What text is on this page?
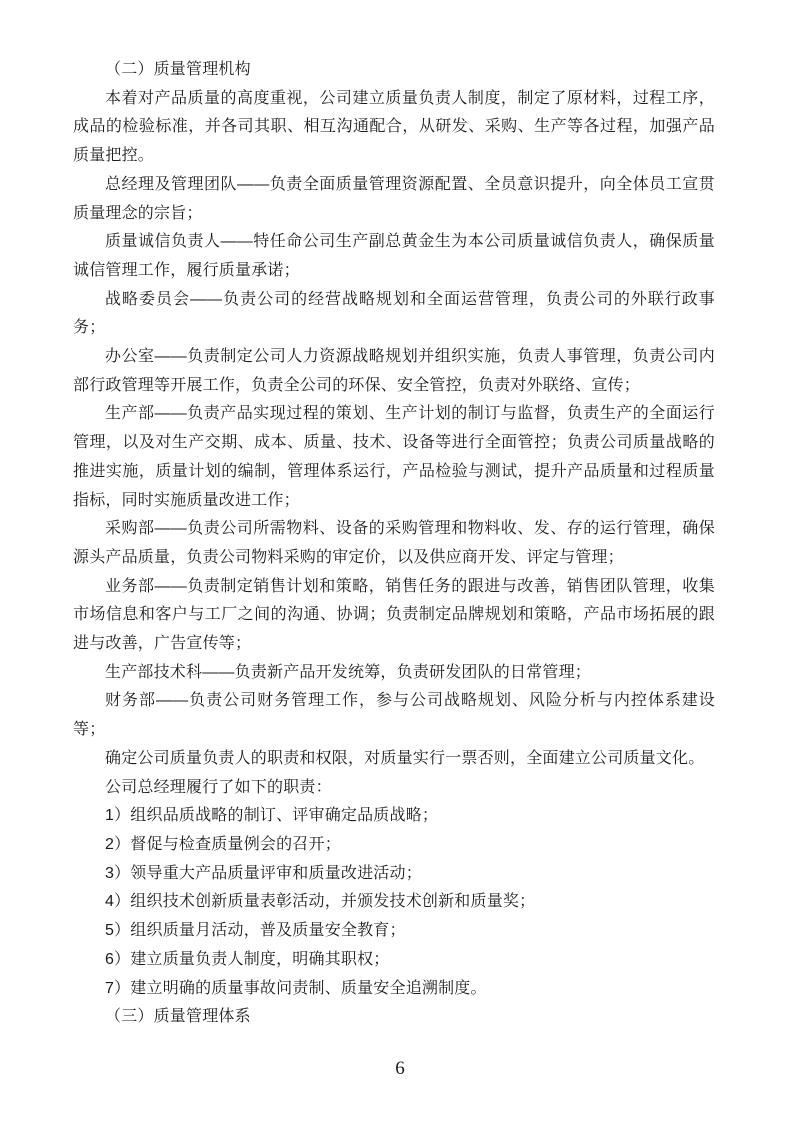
（二）质量管理机构

本着对产品质量的高度重视，公司建立质量负责人制度，制定了原材料，过程工序，成品的检验标准，并各司其职、相互沟通配合，从研发、采购、生产等各过程，加强产品质量把控。

总经理及管理团队——负责全面质量管理资源配置、全员意识提升，向全体员工宣贯质量理念的宗旨；

质量诚信负责人——特任命公司生产副总黄金生为本公司质量诚信负责人，确保质量诚信管理工作，履行质量承诺；

战略委员会——负责公司的经营战略规划和全面运营管理，负责公司的外联行政事务；

办公室——负责制定公司人力资源战略规划并组织实施，负责人事管理，负责公司内部行政管理等开展工作，负责全公司的环保、安全管控，负责对外联络、宣传；

生产部——负责产品实现过程的策划、生产计划的制订与监督，负责生产的全面运行管理，以及对生产交期、成本、质量、技术、设备等进行全面管控；负责公司质量战略的推进实施，质量计划的编制，管理体系运行，产品检验与测试，提升产品质量和过程质量指标，同时实施质量改进工作；

采购部——负责公司所需物料、设备的采购管理和物料收、发、存的运行管理，确保源头产品质量，负责公司物料采购的审定价，以及供应商开发、评定与管理；

业务部——负责制定销售计划和策略，销售任务的跟进与改善，销售团队管理，收集市场信息和客户与工厂之间的沟通、协调；负责制定品牌规划和策略，产品市场拓展的跟进与改善，广告宣传等；

生产部技术科——负责新产品开发统筹，负责研发团队的日常管理；

财务部——负责公司财务管理工作，参与公司战略规划、风险分析与内控体系建设等；

确定公司质量负责人的职责和权限，对质量实行一票否则，全面建立公司质量文化。

公司总经理履行了如下的职责：

1）组织品质战略的制订、评审确定品质战略；

2）督促与检查质量例会的召开；

3）领导重大产品质量评审和质量改进活动；

4）组织技术创新质量表彰活动，并颁发技术创新和质量奖；

5）组织质量月活动，普及质量安全教育；

6）建立质量负责人制度，明确其职权；

7）建立明确的质量事故问责制、质量安全追溯制度。

（三）质量管理体系

6
